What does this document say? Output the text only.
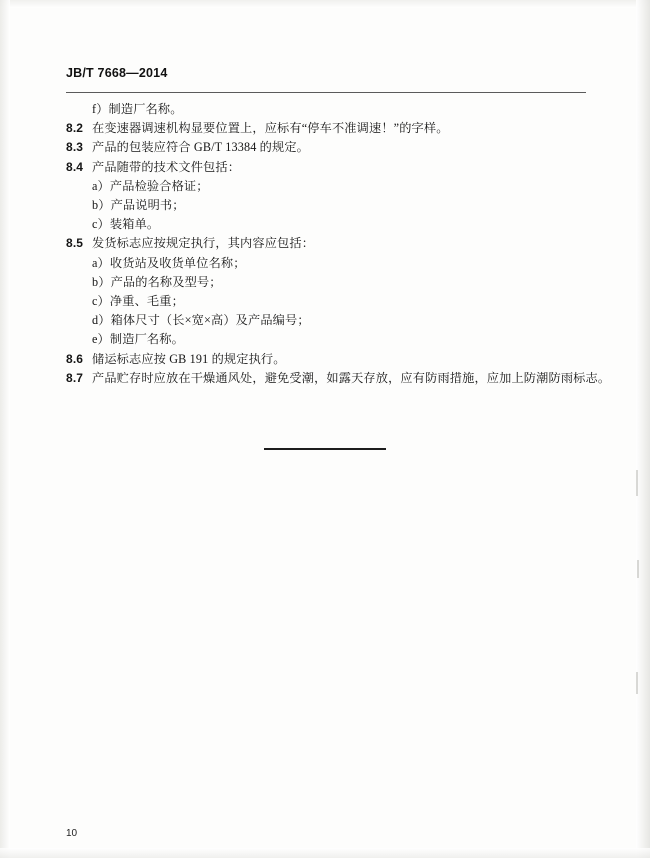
JB/T 7668—2014
f）制造厂名称。
8.2 在变速器调速机构显要位置上，应标有“停车不准调速！”的字样。
8.3 产品的包装应符合 GB/T 13384 的规定。
8.4 产品随带的技术文件包括：
a）产品检验合格证；
b）产品说明书；
c）装箱单。
8.5 发货标志应按规定执行，其内容应包括：
a）收货站及收货单位名称；
b）产品的名称及型号；
c）净重、毛重；
d）箱体尺寸（长×宽×高）及产品编号；
e）制造厂名称。
8.6 储运标志应按 GB 191 的规定执行。
8.7 产品贮存时应放在干燥通风处，避免受潮，如露天存放，应有防雨措施，应加上防潮防雨标志。
10
